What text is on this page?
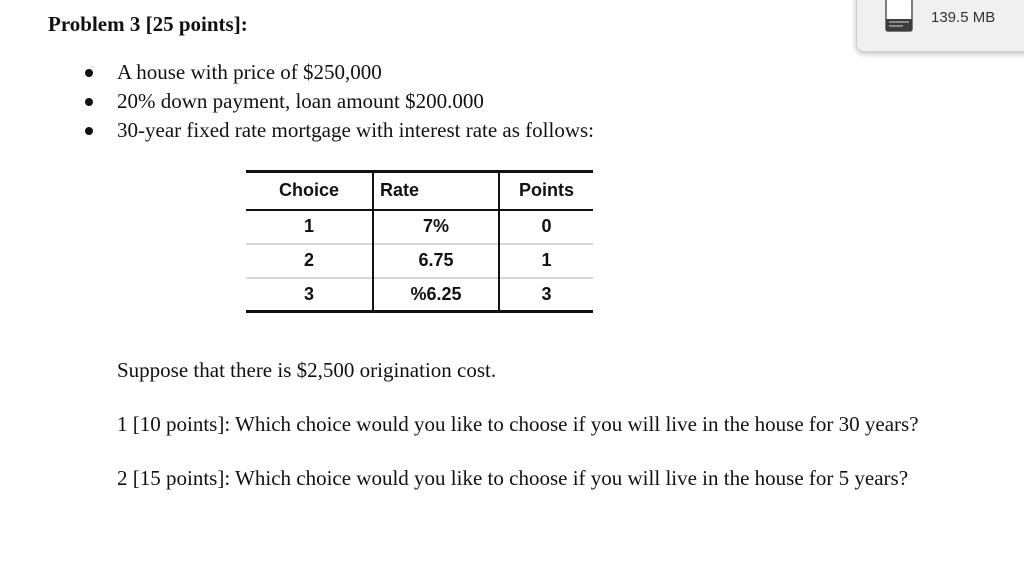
Problem 3 [25 points]:
A house with price of $250,000
20% down payment, loan amount $200.000
30-year fixed rate mortgage with interest rate as follows:
Choice	Rate	Points
1	7%	0
2	6.75	1
3	%6.25	3

Suppose that there is $2,500 origination cost.

1 [10 points]: Which choice would you like to choose if you will live in the house for 30 years?

2 [15 points]: Which choice would you like to choose if you will live in the house for 5 years?

139.5 MB
